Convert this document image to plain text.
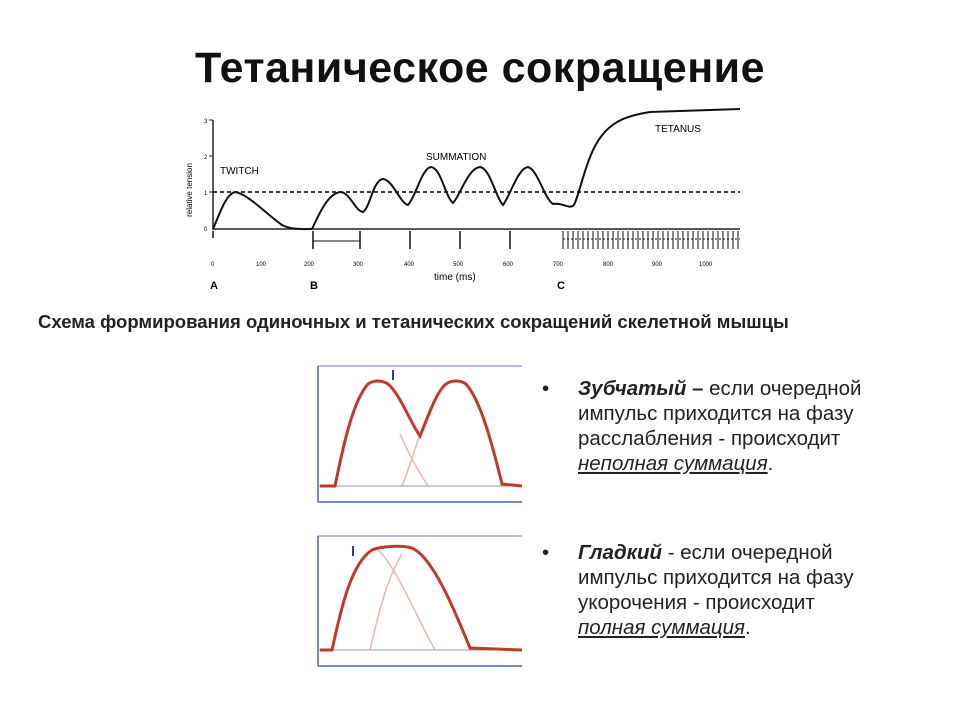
Тетаническое сокращение
relative tension
3
2
1
0
0	100	200	300	400	500	600	700	800	900	1000
time (ms)
TWITCH
SUMMATION
TETANUS
A	B	C
Схема формирования одиночных и тетанических сокращений скелетной мышцы
• Зубчатый – если очередной
импульс приходится на фазу
расслабления - происходит
неполная суммация.
• Гладкий - если очередной
импульс приходится на фазу
укорочения - происходит
полная суммация.
